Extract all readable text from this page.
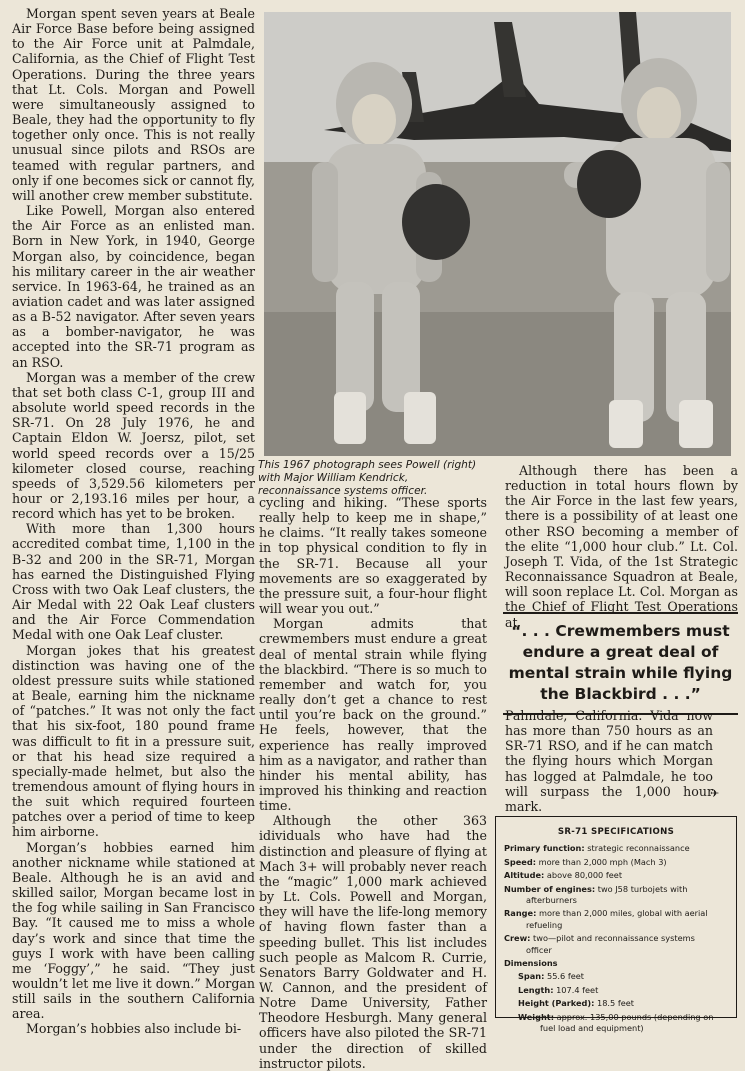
Morgan spent seven years at Beale Air Force Base before being assigned to the Air Force unit at Palmdale, California, as the Chief of Flight Test Operations. During the three years that Lt. Cols. Morgan and Powell were simultaneously assigned to Beale, they had the opportunity to fly together only once. This is not really unusual since pilots and RSOs are teamed with regular partners, and only if one becomes sick or cannot fly, will another crew member substitute.

Like Powell, Morgan also entered the Air Force as an enlisted man. Born in New York, in 1940, George Morgan also, by coincidence, began his military career in the air weather service. In 1963-64, he trained as an aviation cadet and was later assigned as a B-52 navigator. After seven years as a bomber-navigator, he was accepted into the SR-71 program as an RSO.

Morgan was a member of the crew that set both class C-1, group III and absolute world speed records in the SR-71. On 28 July 1976, he and Captain Eldon W. Joersz, pilot, set world speed records over a 15/25 kilometer closed course, reaching speeds of 3,529.56 kilometers per hour or 2,193.16 miles per hour, a record which has yet to be broken.

With more than 1,300 hours accredited combat time, 1,100 in the B-32 and 200 in the SR-71, Morgan has earned the Distinguished Flying Cross with two Oak Leaf clusters, the Air Medal with 22 Oak Leaf clusters and the Air Force Commendation Medal with one Oak Leaf cluster.

Morgan jokes that his greatest distinction was having one of the oldest pressure suits while stationed at Beale, earning him the nickname of “patches.” It was not only the fact that his six-foot, 180 pound frame was difficult to fit in a pressure suit, or that his head size required a specially-made helmet, but also the tremendous amount of flying hours in the suit which required fourteen patches over a period of time to keep him airborne.

Morgan’s hobbies earned him another nickname while stationed at Beale. Although he is an avid and skilled sailor, Morgan became lost in the fog while sailing in San Francisco Bay. “It caused me to miss a whole day’s work and since that time the guys I work with have been calling me ‘Foggy’,” he said. “They just wouldn’t let me live it down.” Morgan still sails in the southern California area.

Morgan’s hobbies also include bi-

This 1967 photograph sees Powell (right) with Major William Kendrick, reconnaissance systems officer.

cycling and hiking. “These sports really help to keep me in shape,” he claims. “It really takes someone in top physical condition to fly in the SR-71. Because all your movements are so exaggerated by the pressure suit, a four-hour flight will wear you out.”

Morgan admits that crewmembers must endure a great deal of mental strain while flying the blackbird. “There is so much to remember and watch for, you really don’t get a chance to rest until you’re back on the ground.” He feels, however, that the experience has really improved him as a navigator, and rather than hinder his mental ability, has improved his thinking and reaction time.

Although the other 363 idividuals who have had the distinction and pleasure of flying at Mach 3+ will probably never reach the “magic” 1,000 mark achieved by Lt. Cols. Powell and Morgan, they will have the life-long memory of having flown faster than a speeding bullet. This list includes such people as Malcom R. Currie, Senators Barry Goldwater and H. W. Cannon, and the president of Notre Dame University, Father Theodore Hesburgh. Many general officers have also piloted the SR-71 under the direction of skilled instructor pilots.

Although there has been a reduction in total hours flown by the Air Force in the last few years, there is a possibility of at least one other RSO becoming a member of the elite “1,000 hour club.” Lt. Col. Joseph T. Vida, of the 1st Strategic Reconnaissance Squadron at Beale, will soon replace Lt. Col. Morgan as the Chief of Flight Test Operations at

“. . . Crewmembers must endure a great deal of mental strain while flying the Blackbird . . .”

Palmdale, California. Vida now has more than 750 hours as an SR-71 RSO, and if he can match the flying hours which Morgan has logged at Palmdale, he too will surpass the 1,000 hour mark.

✈
SR-71 SPECIFICATIONS
Primary function: strategic reconnaissance
Speed: more than 2,000 mph (Mach 3)
Altitude: above 80,000 feet
Number of engines: two J58 turbojets with
afterburners
Range: more than 2,000 miles, global with aerial
refueling
Crew: two—pilot and reconnaissance systems
officer
Dimensions
Span: 55.6 feet
Length: 107.4 feet
Height (Parked): 18.5 feet
Weight: approx. 135,00 pounds (depending on
fuel load and equipment)
